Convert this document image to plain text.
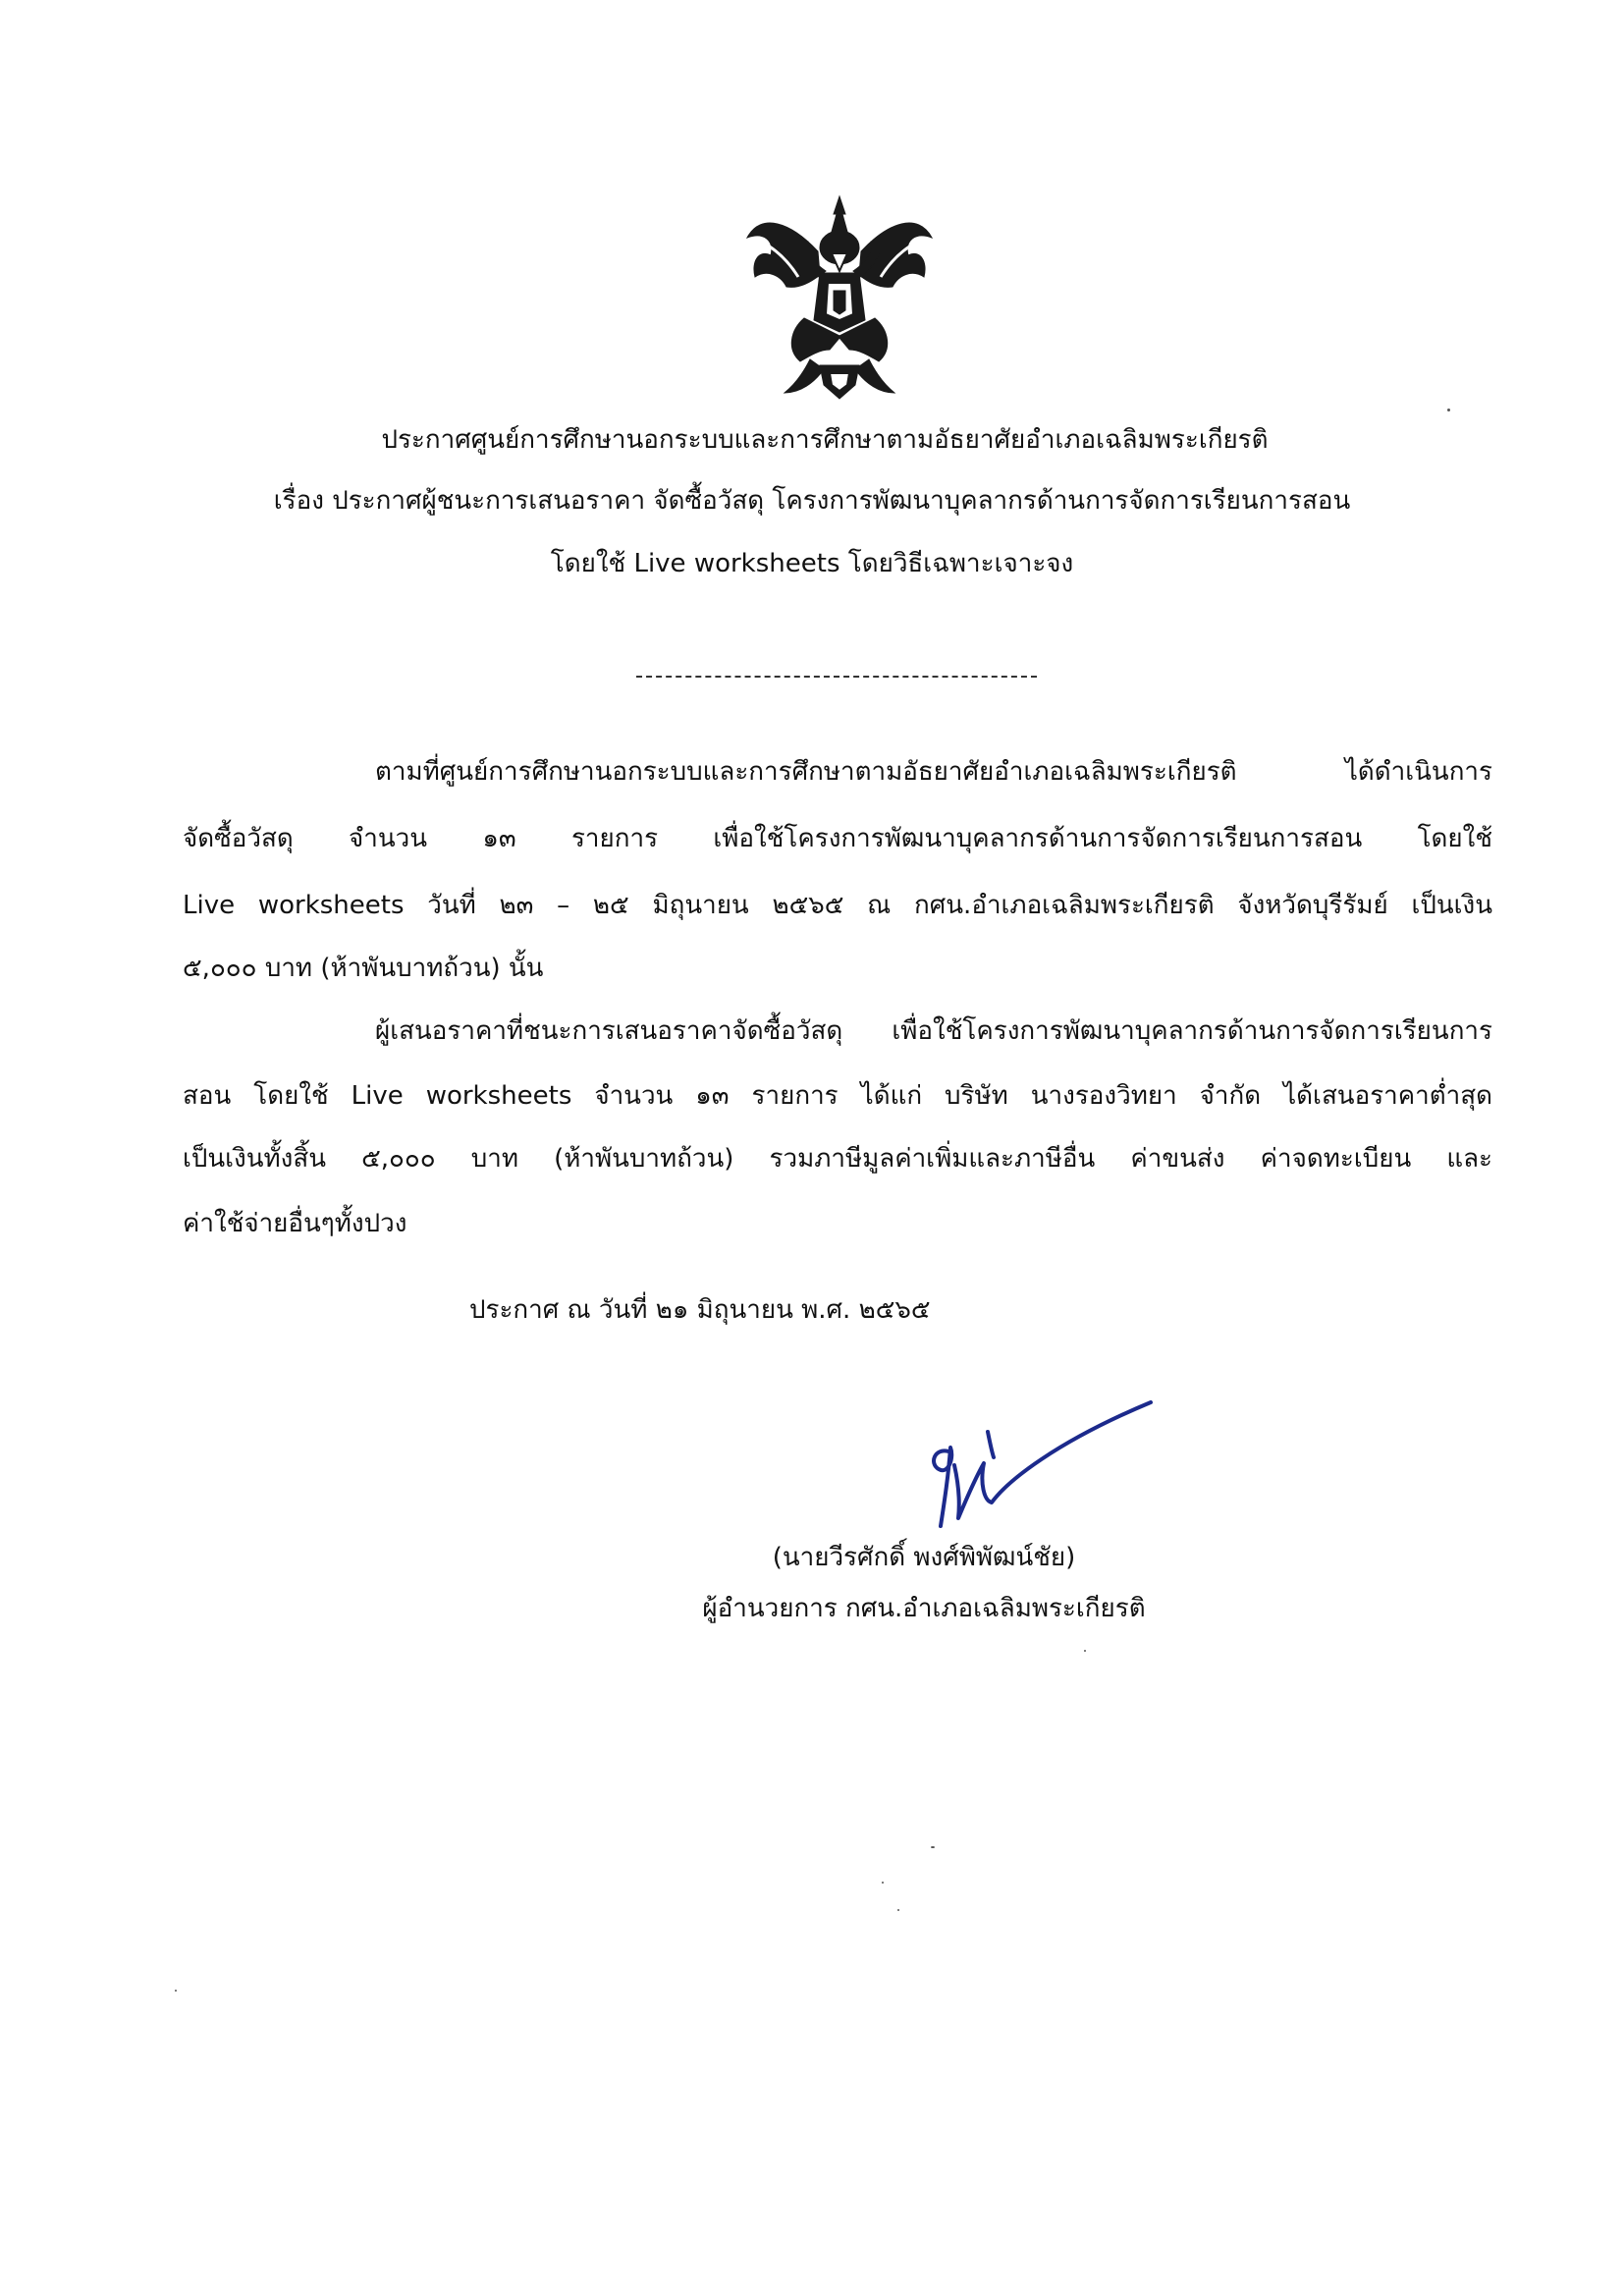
ประกาศศูนย์การศึกษานอกระบบและการศึกษาตามอัธยาศัยอำเภอเฉลิมพระเกียรติ
เรื่อง ประกาศผู้ชนะการเสนอราคา จัดซื้อวัสดุ โครงการพัฒนาบุคลากรด้านการจัดการเรียนการสอน
โดยใช้ Live worksheets โดยวิธีเฉพาะเจาะจง
ตามที่ศูนย์การศึกษานอกระบบและการศึกษาตามอัธยาศัยอำเภอเฉลิมพระเกียรติ ได้ดำเนินการ
จัดซื้อวัสดุ จำนวน ๑๓ รายการ เพื่อใช้โครงการพัฒนาบุคลากรด้านการจัดการเรียนการสอน โดยใช้
Live worksheets วันที่ ๒๓ – ๒๕ มิถุนายน ๒๕๖๕ ณ กศน.อำเภอเฉลิมพระเกียรติ จังหวัดบุรีรัมย์ เป็นเงิน
๕,๐๐๐ บาท (ห้าพันบาทถ้วน) นั้น
ผู้เสนอราคาที่ชนะการเสนอราคาจัดซื้อวัสดุ เพื่อใช้โครงการพัฒนาบุคลากรด้านการจัดการเรียนการ
สอน โดยใช้ Live worksheets จำนวน ๑๓ รายการ ได้แก่ บริษัท นางรองวิทยา จำกัด ได้เสนอราคาต่ำสุด
เป็นเงินทั้งสิ้น ๕,๐๐๐ บาท (ห้าพันบาทถ้วน) รวมภาษีมูลค่าเพิ่มและภาษีอื่น ค่าขนส่ง ค่าจดทะเบียน และ
ค่าใช้จ่ายอื่นๆทั้งปวง
ประกาศ ณ วันที่ ๒๑ มิถุนายน พ.ศ. ๒๕๖๕
(นายวีรศักดิ์ พงศ์พิพัฒน์ชัย)
ผู้อำนวยการ กศน.อำเภอเฉลิมพระเกียรติ
